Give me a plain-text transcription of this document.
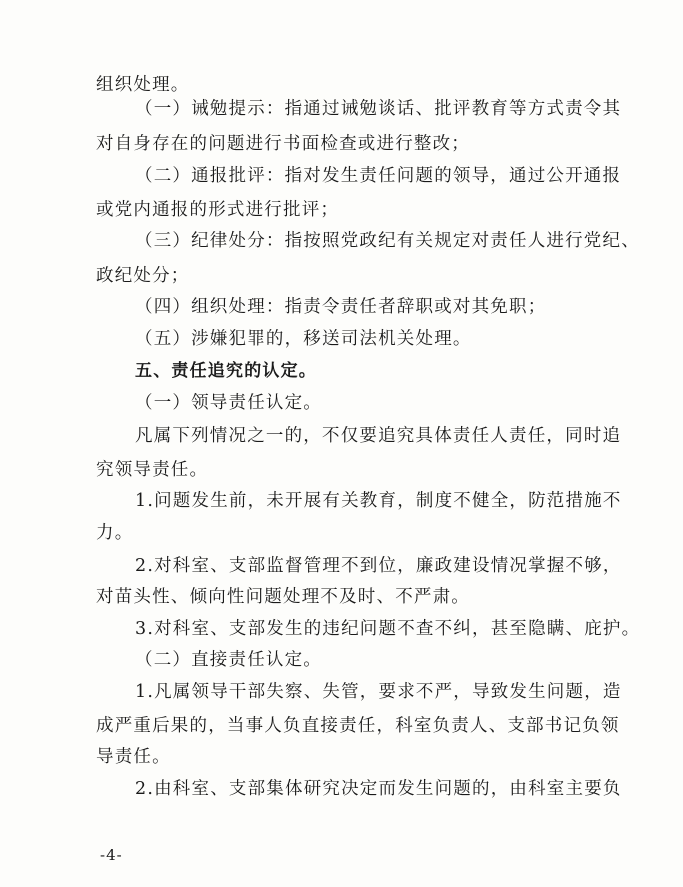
组织处理。
（一）诫勉提示：指通过诫勉谈话、批评教育等方式责令其
对自身存在的问题进行书面检查或进行整改；
（二）通报批评：指对发生责任问题的领导，通过公开通报
或党内通报的形式进行批评；
（三）纪律处分：指按照党政纪有关规定对责任人进行党纪、
政纪处分；
（四）组织处理：指责令责任者辞职或对其免职；
（五）涉嫌犯罪的，移送司法机关处理。
五、责任追究的认定。
（一）领导责任认定。
凡属下列情况之一的，不仅要追究具体责任人责任，同时追
究领导责任。
1.问题发生前，未开展有关教育，制度不健全，防范措施不
力。
2.对科室、支部监督管理不到位，廉政建设情况掌握不够，
对苗头性、倾向性问题处理不及时、不严肃。
3.对科室、支部发生的违纪问题不查不纠，甚至隐瞒、庇护。
（二）直接责任认定。
1.凡属领导干部失察、失管，要求不严，导致发生问题，造
成严重后果的，当事人负直接责任，科室负责人、支部书记负领
导责任。
2.由科室、支部集体研究决定而发生问题的，由科室主要负
-4-
